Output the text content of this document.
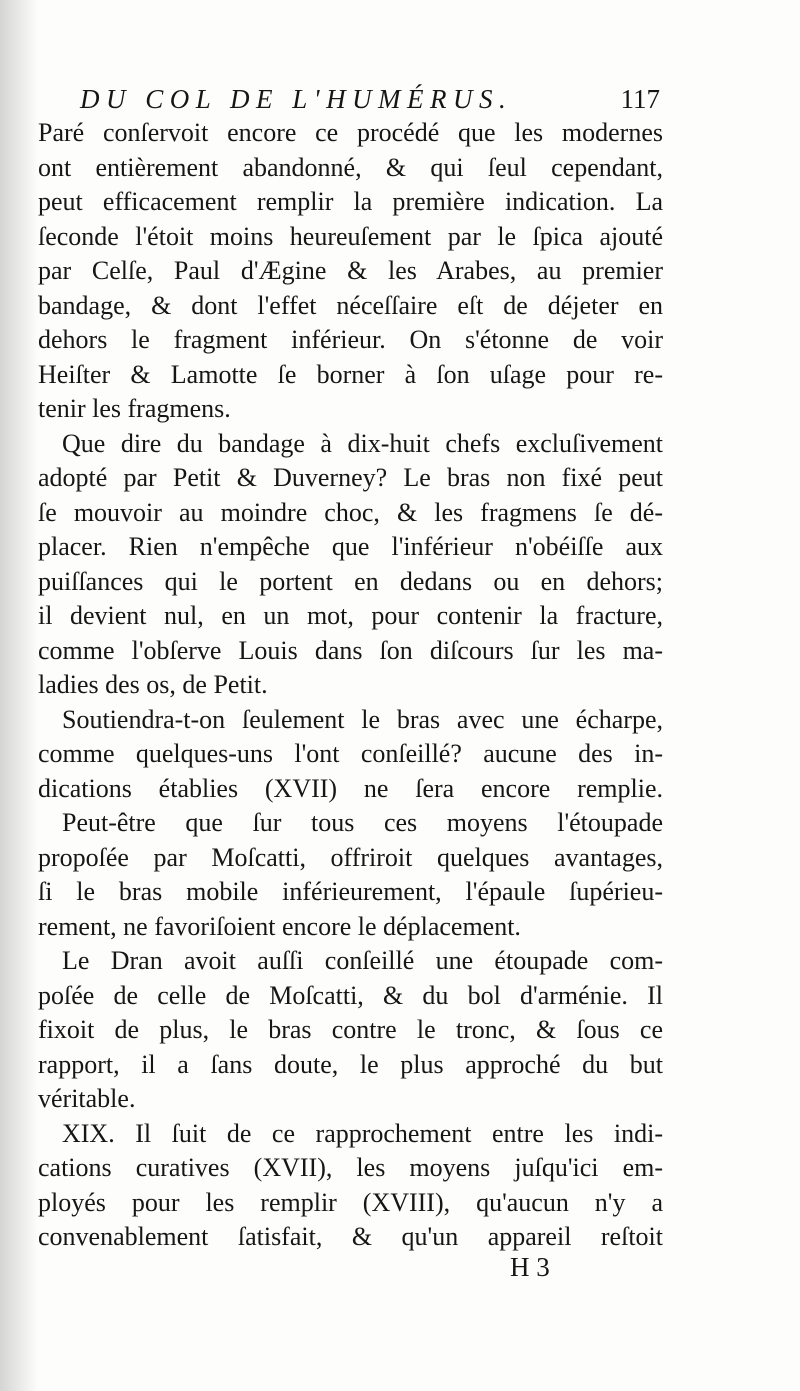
DU COL DE L'HUMÉRUS.	117
Paré conſervoit encore ce procédé que les modernes
ont entièrement abandonné, & qui ſeul cependant,
peut efficacement remplir la première indication. La
ſeconde l'étoit moins heureuſement par le ſpica ajouté
par Celſe, Paul d'Ægine & les Arabes, au premier
bandage, & dont l'effet néceſſaire eſt de déjeter en
dehors le fragment inférieur. On s'étonne de voir
Heiſter & Lamotte ſe borner à ſon uſage pour re-
tenir les fragmens.
Que dire du bandage à dix-huit chefs excluſivement
adopté par Petit & Duverney? Le bras non fixé peut
ſe mouvoir au moindre choc, & les fragmens ſe dé-
placer. Rien n'empêche que l'inférieur n'obéiſſe aux
puiſſances qui le portent en dedans ou en dehors;
il devient nul, en un mot, pour contenir la fracture,
comme l'obſerve Louis dans ſon diſcours ſur les ma-
ladies des os, de Petit.
Soutiendra-t-on ſeulement le bras avec une écharpe,
comme quelques-uns l'ont conſeillé? aucune des in-
dications établies (XVII) ne ſera encore remplie.
Peut-être que ſur tous ces moyens l'étoupade
propoſée par Moſcatti, offriroit quelques avantages,
ſi le bras mobile inférieurement, l'épaule ſupérieu-
rement, ne favoriſoient encore le déplacement.
Le Dran avoit auſſi conſeillé une étoupade com-
poſée de celle de Moſcatti, & du bol d'arménie. Il
fixoit de plus, le bras contre le tronc, & ſous ce
rapport, il a ſans doute, le plus approché du but
véritable.
XIX. Il ſuit de ce rapprochement entre les indi-
cations curatives (XVII), les moyens juſqu'ici em-
ployés pour les remplir (XVIII), qu'aucun n'y a
convenablement ſatisfait, & qu'un appareil reſtoit
H 3
